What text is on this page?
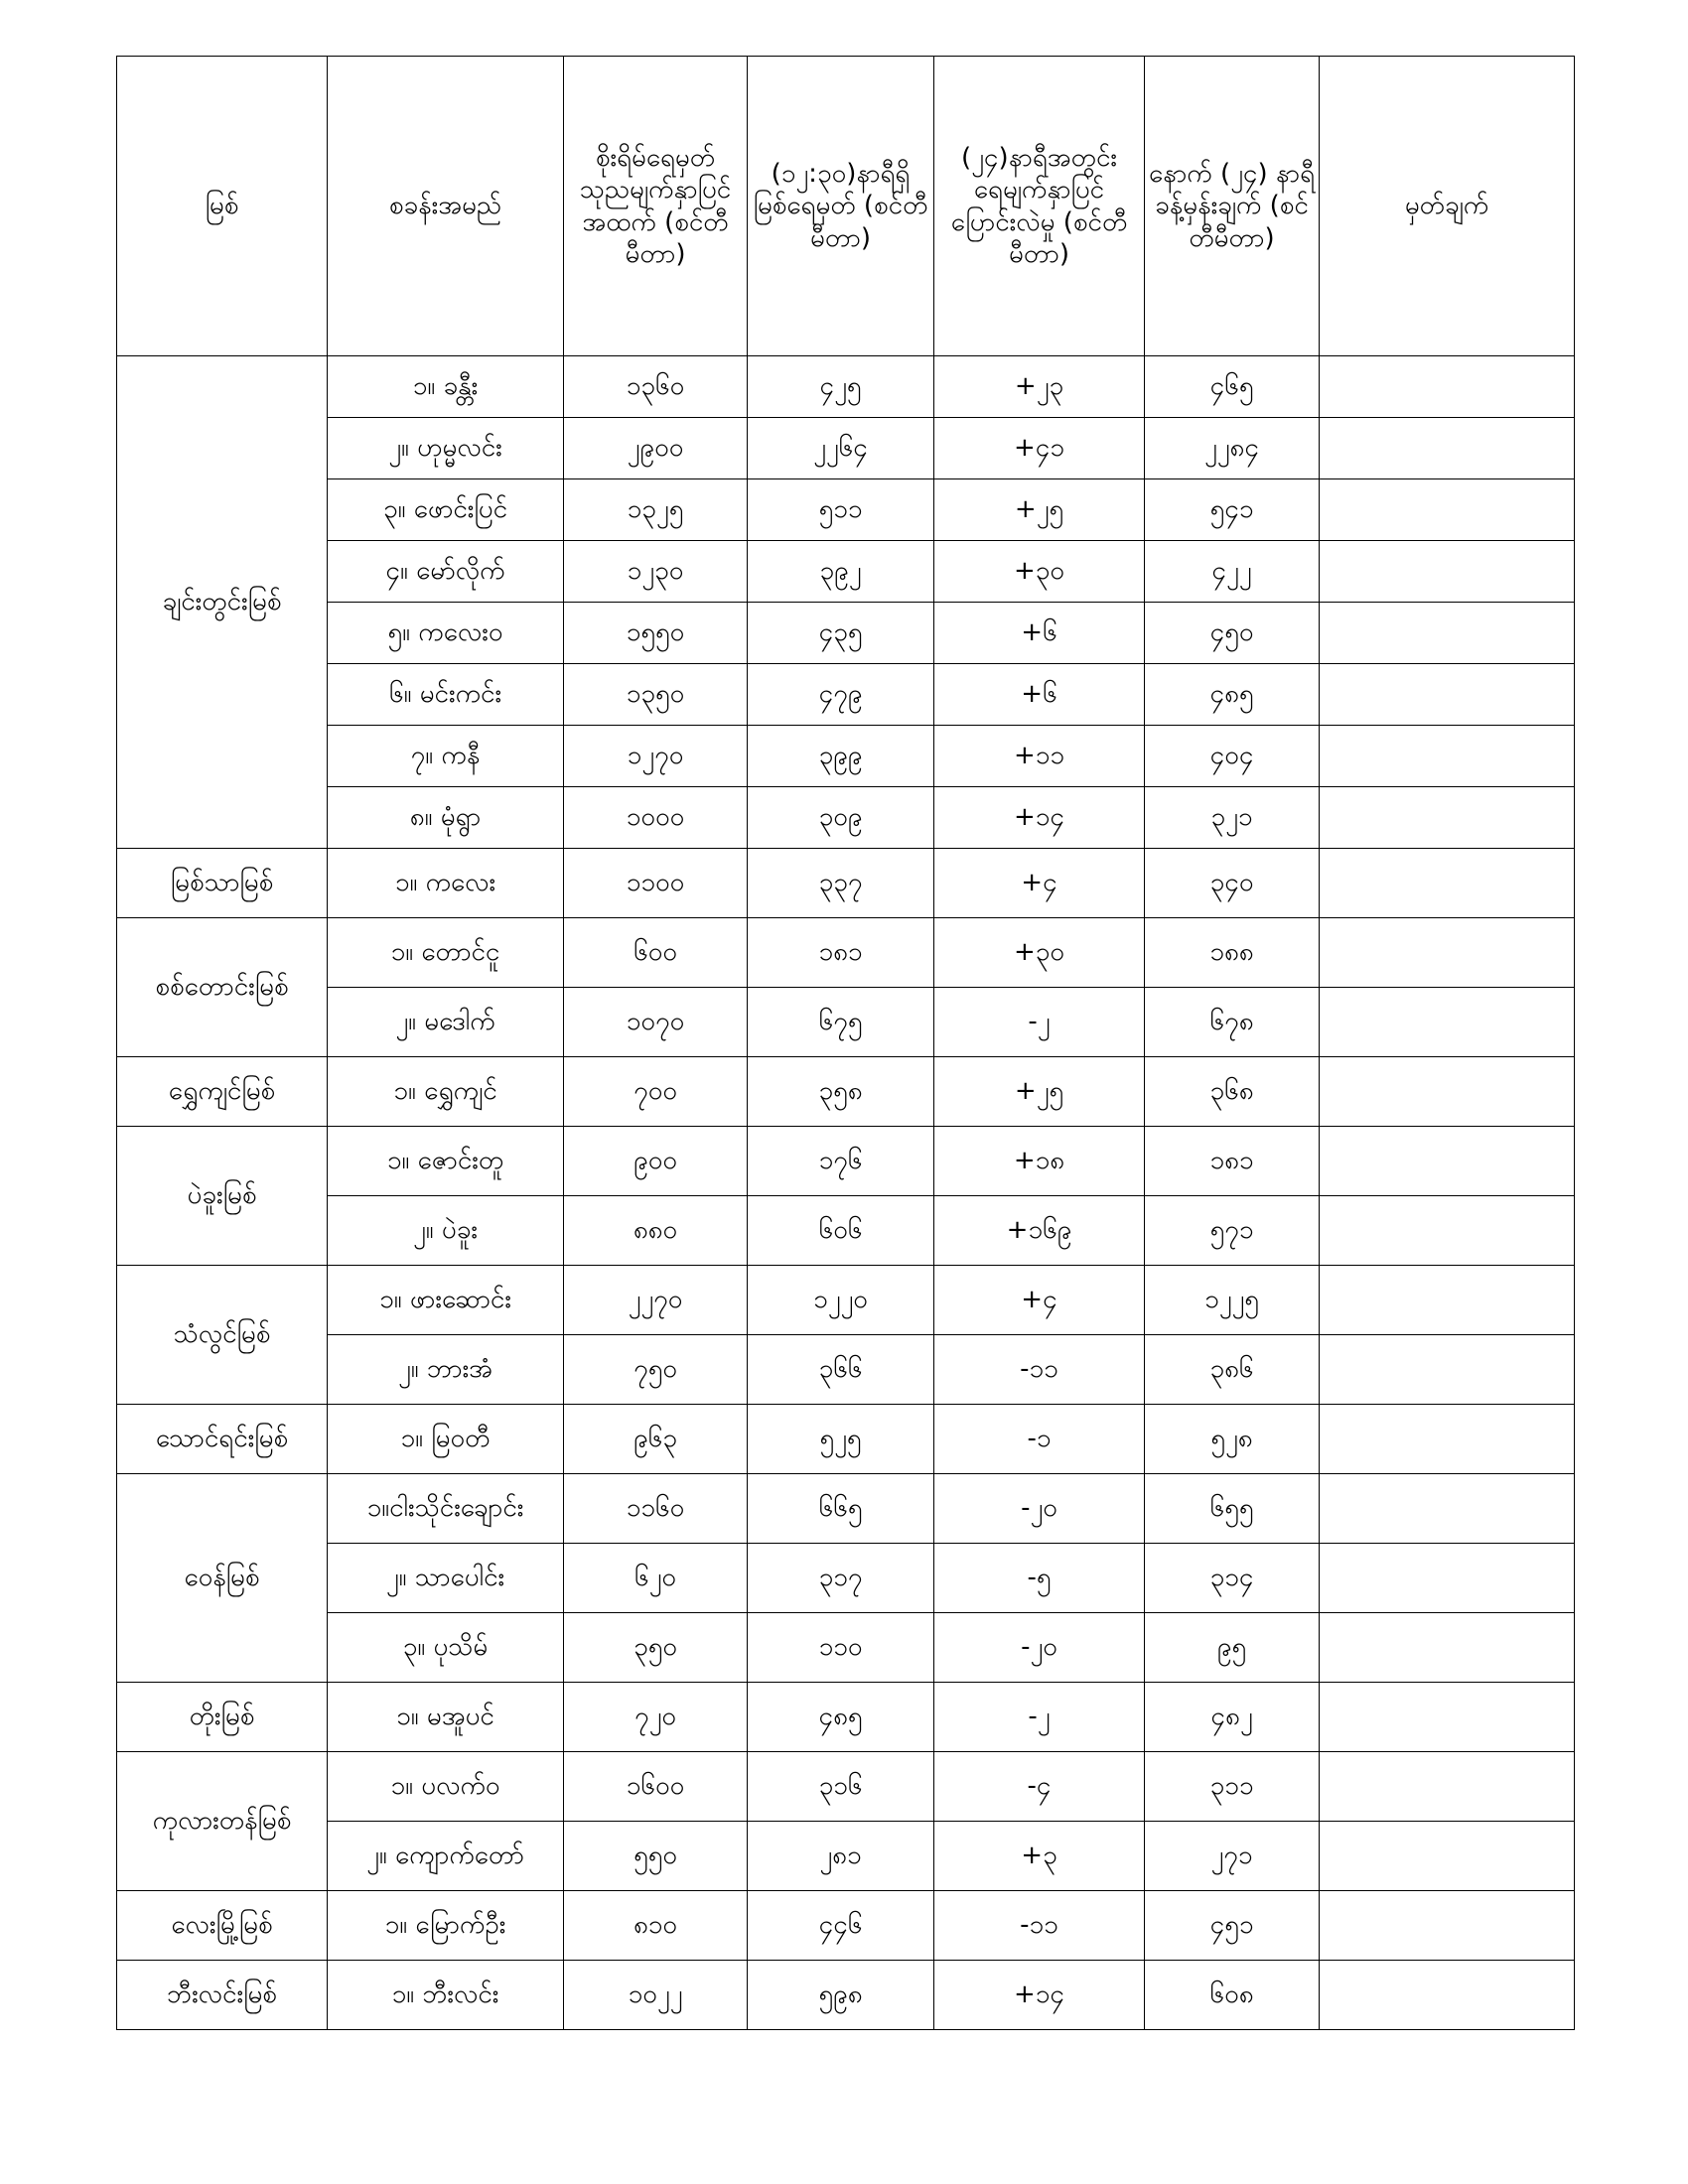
မြစ်	စခန်းအမည်	စိုးရိမ်ရေမှတ် သုညမျက်နှာပြင်အထက် (စင်တီမီတာ)	(၁၂:၃၀)နာရီရှိ မြစ်ရေမှတ် (စင်တီမီတာ)	(၂၄)နာရီအတွင်း ရေမျက်နှာပြင် ပြောင်းလဲမှု (စင်တီမီတာ)	နောက် (၂၄) နာရီ ခန့်မှန်းချက် (စင်တီမီတာ)	မှတ်ချက်
ချင်းတွင်းမြစ်	၁။ ခန္တီး	၁၃၆၀	၄၂၅	+၂၃	၄၆၅	
	၂။ ဟုမ္မလင်း	၂၉၀၀	၂၂၆၄	+၄၁	၂၂၈၄	
	၃။ ဖောင်းပြင်	၁၃၂၅	၅၁၁	+၂၅	၅၄၁	
	၄။ မော်လိုက်	၁၂၃၀	၃၉၂	+၃၀	၄၂၂	
	၅။ ကလေးဝ	၁၅၅၀	၄၃၅	+၆	၄၅၀	
	၆။ မင်းကင်း	၁၃၅၀	၄၇၉	+၆	၄၈၅	
	၇။ ကနီ	၁၂၇၀	၃၉၉	+၁၁	၄၀၄	
	၈။ မုံရွာ	၁၀၀၀	၃၀၉	+၁၄	၃၂၁	
မြစ်သာမြစ်	၁။ ကလေး	၁၁၀၀	၃၃၇	+၄	၃၄၀	
စစ်တောင်းမြစ်	၁။ တောင်ငူ	၆၀၀	၁၈၁	+၃၀	၁၈၈	
	၂။ မဒေါက်	၁၀၇၀	၆၇၅	-၂	၆၇၈	
ရွှေကျင်မြစ်	၁။ ရွှေကျင်	၇၀၀	၃၅၈	+၂၅	၃၆၈	
ပဲခူးမြစ်	၁။ ဇောင်းတူ	၉၀၀	၁၇၆	+၁၈	၁၈၁	
	၂။ ပဲခူး	၈၈၀	၆၀၆	+၁၆၉	၅၇၁	
သံလွင်မြစ်	၁။ ဖားဆောင်း	၂၂၇၀	၁၂၂၀	+၄	၁၂၂၅	
	၂။ ဘားအံ	၇၅၀	၃၆၆	-၁၁	၃၈၆	
သောင်ရင်းမြစ်	၁။ မြဝတီ	၉၆၃	၅၂၅	-၁	၅၂၈	
ဝေန်မြစ်	၁။ငါးသိုင်းချောင်း	၁၁၆၀	၆၆၅	-၂၀	၆၅၅	
	၂။ သာပေါင်း	၆၂၀	၃၁၇	-၅	၃၁၄	
	၃။ ပုသိမ်	၃၅၀	၁၁၀	-၂၀	၉၅	
တိုးမြစ်	၁။ မအူပင်	၇၂၀	၄၈၅	-၂	၄၈၂	
ကုလားတန်မြစ်	၁။ ပလက်ဝ	၁၆၀၀	၃၁၆	-၄	၃၁၁	
	၂။ ကျောက်တော်	၅၅၀	၂၈၁	+၃	၂၇၁	
လေးမြို့မြစ်	၁။ မြောက်ဦး	၈၁၀	၄၄၆	-၁၁	၄၅၁	
ဘီးလင်းမြစ်	၁။ ဘီးလင်း	၁၀၂၂	၅၉၈	+၁၄	၆၀၈	
